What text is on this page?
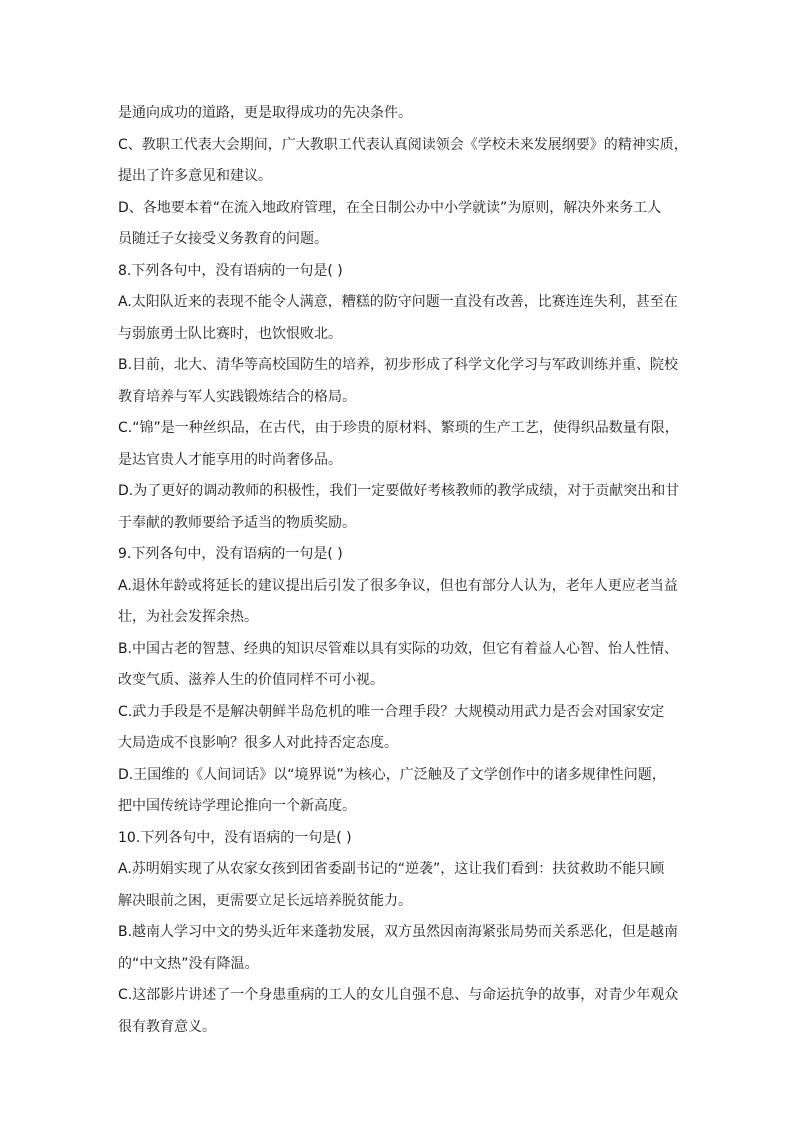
是通向成功的道路，更是取得成功的先决条件。
C、教职工代表大会期间，广大教职工代表认真阅读领会《学校未来发展纲要》的精神实质，
提出了许多意见和建议。
D、各地要本着“在流入地政府管理，在全日制公办中小学就读”为原则，解决外来务工人
员随迁子女接受义务教育的问题。
8.下列各句中，没有语病的一句是( )
A.太阳队近来的表现不能令人满意，糟糕的防守问题一直没有改善，比赛连连失利，甚至在
与弱旅勇士队比赛时，也饮恨败北。
B.目前，北大、清华等高校国防生的培养，初步形成了科学文化学习与军政训练并重、院校
教育培养与军人实践锻炼结合的格局。
C.“锦”是一种丝织品，在古代，由于珍贵的原材料、繁琐的生产工艺，使得织品数量有限，
是达官贵人才能享用的时尚奢侈品。
D.为了更好的调动教师的积极性，我们一定要做好考核教师的教学成绩，对于贡献突出和甘
于奉献的教师要给予适当的物质奖励。
9.下列各句中，没有语病的一句是( )
A.退休年龄或将延长的建议提出后引发了很多争议，但也有部分人认为，老年人更应老当益
壮，为社会发挥余热。
B.中国古老的智慧、经典的知识尽管难以具有实际的功效，但它有着益人心智、怡人性情、
改变气质、滋养人生的价值同样不可小视。
C.武力手段是不是解决朝鲜半岛危机的唯一合理手段？大规模动用武力是否会对国家安定
大局造成不良影响？很多人对此持否定态度。
D.王国维的《人间词话》以“境界说”为核心，广泛触及了文学创作中的诸多规律性问题，
把中国传统诗学理论推向一个新高度。
10.下列各句中，没有语病的一句是( )
A.苏明娟实现了从农家女孩到团省委副书记的“逆袭”，这让我们看到：扶贫救助不能只顾
解决眼前之困，更需要立足长远培养脱贫能力。
B.越南人学习中文的势头近年来蓬勃发展，双方虽然因南海紧张局势而关系恶化，但是越南
的“中文热”没有降温。
C.这部影片讲述了一个身患重病的工人的女儿自强不息、与命运抗争的故事，对青少年观众
很有教育意义。
